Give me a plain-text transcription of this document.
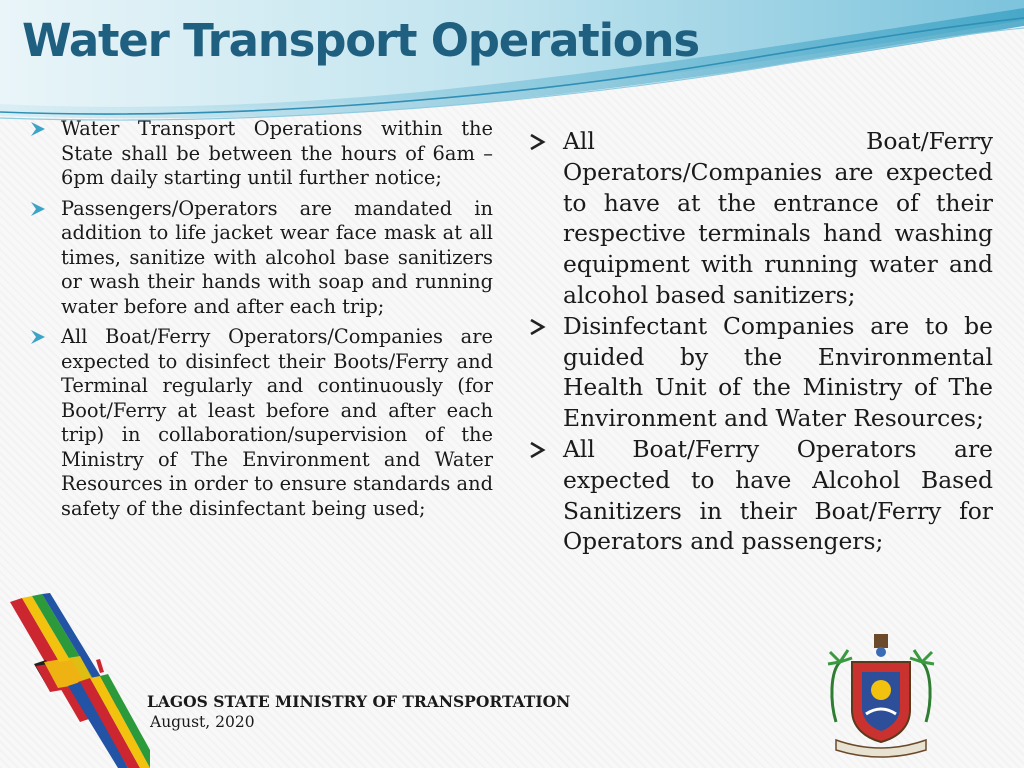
Water Transport Operations
Water Transport Operations within the State shall be between the hours of 6am – 6pm daily starting until further notice;
Passengers/Operators are mandated in addition to life jacket wear face mask at all times, sanitize with alcohol base sanitizers or wash their hands with soap and running water before and after each trip;
All Boat/Ferry Operators/Companies are expected to disinfect their Boots/Ferry and Terminal regularly and continuously (for Boot/Ferry at least before and after each trip) in collaboration/supervision of the Ministry of The Environment and Water Resources in order to ensure standards and safety of the disinfectant being used;
All Boat/Ferry Operators/Companies are expected to have at the entrance of their respective terminals hand washing equipment with running water and alcohol based sanitizers;
Disinfectant Companies are to be guided by the Environmental Health Unit of the Ministry of The Environment and Water Resources;
All Boat/Ferry Operators are expected to have Alcohol Based Sanitizers in their Boat/Ferry for Operators and passengers;
LAGOS STATE MINISTRY OF TRANSPORTATION
August, 2020
